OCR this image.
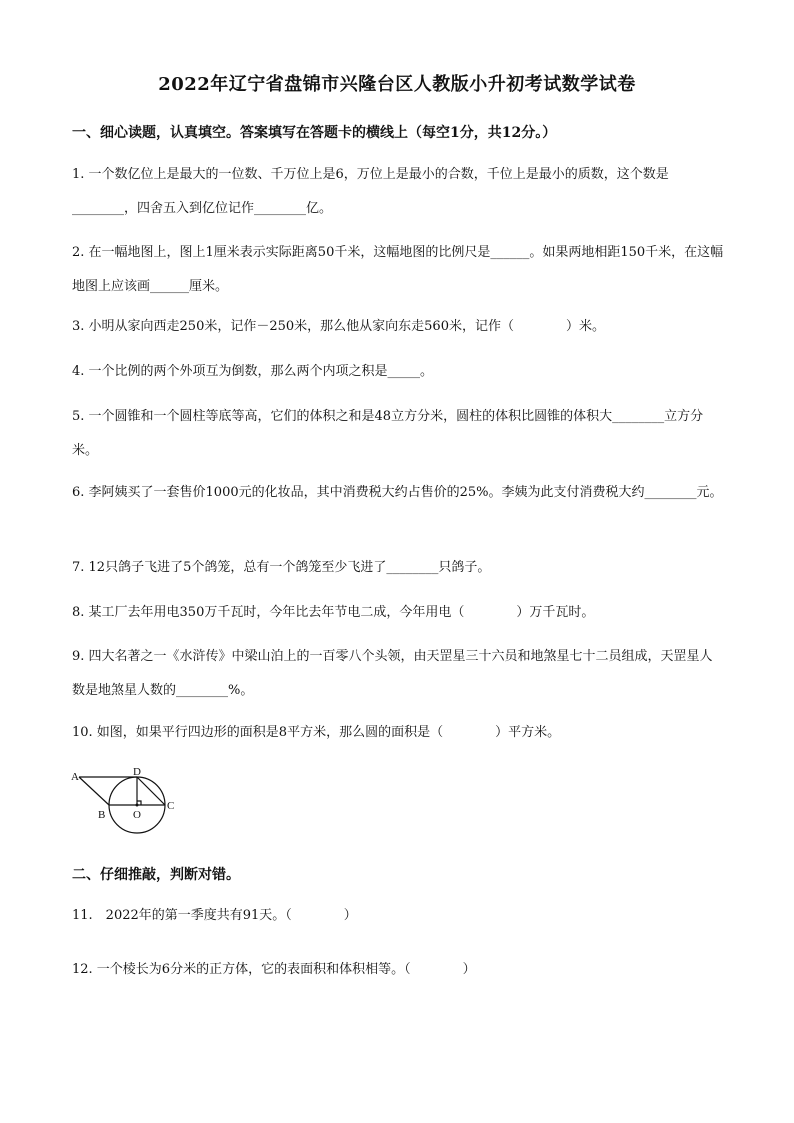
2022年辽宁省盘锦市兴隆台区人教版小升初考试数学试卷
一、细心读题，认真填空。答案填写在答题卡的横线上（每空1分，共12分。）
1. 一个数亿位上是最大的一位数、千万位上是6，万位上是最小的合数，千位上是最小的质数，这个数是________，四舍五入到亿位记作________亿。
2. 在一幅地图上，图上1厘米表示实际距离50千米，这幅地图的比例尺是______。如果两地相距150千米，在这幅地图上应该画______厘米。
3. 小明从家向西走250米，记作－250米，那么他从家向东走560米，记作（　　　　）米。
4. 一个比例的两个外项互为倒数，那么两个内项之积是_____。
5. 一个圆锥和一个圆柱等底等高，它们的体积之和是48立方分米，圆柱的体积比圆锥的体积大________立方分米。
6. 李阿姨买了一套售价1000元的化妆品，其中消费税大约占售价的25%。李姨为此支付消费税大约________元。
7. 12只鸽子飞进了5个鸽笼，总有一个鸽笼至少飞进了________只鸽子。
8. 某工厂去年用电350万千瓦时，今年比去年节电二成，今年用电（　　　　）万千瓦时。
9. 四大名著之一《水浒传》中梁山泊上的一百零八个头领，由天罡星三十六员和地煞星七十二员组成，天罡星人数是地煞星人数的________%。
10. 如图，如果平行四边形的面积是8平方米，那么圆的面积是（　　　　）平方米。
A	D
B	O
C
二、仔细推敲，判断对错。
11.　2022年的第一季度共有91天。（　　　　）
12. 一个棱长为6分米的正方体，它的表面积和体积相等。（　　　　）
